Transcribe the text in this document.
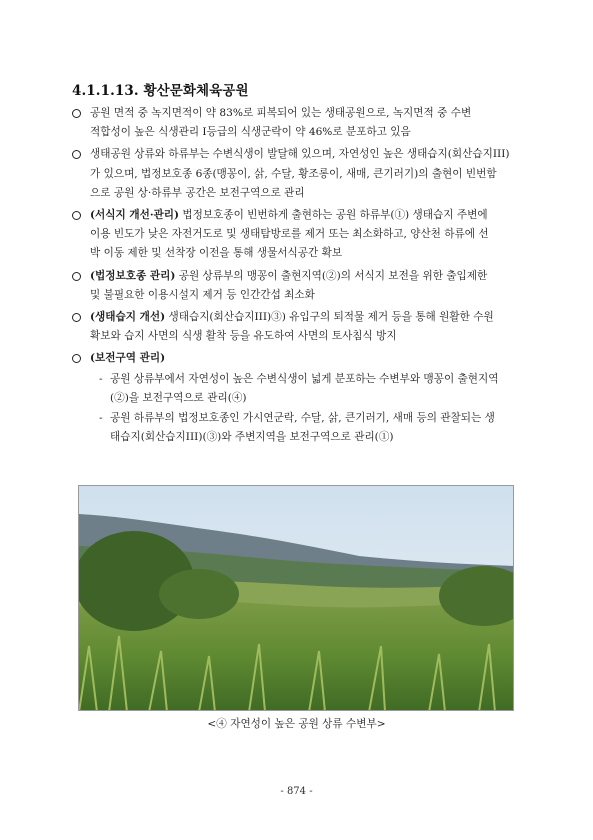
4.1.1.13. 황산문화체육공원
공원 면적 중 녹지면적이 약 83%로 피복되어 있는 생태공원으로, 녹지면적 중 수변
적합성이 높은 식생관리 I등급의 식생군락이 약 46%로 분포하고 있음
생태공원 상류와 하류부는 수변식생이 발달해 있으며, 자연성인 높은 생태습지(회산습지III)
가 있으며, 법정보호종 6종(맹꽁이, 삵, 수달, 황조롱이, 새매, 큰기러기)의 출현이 빈번함
으로 공원 상·하류부 공간은 보전구역으로 관리
(서식지 개선·관리) 법정보호종이 빈번하게 출현하는 공원 하류부(①) 생태습지 주변에
이용 빈도가 낮은 자전거도로 및 생태탐방로를 제거 또는 최소화하고, 양산천 하류에 선
박 이동 제한 및 선착장 이전을 통해 생물서식공간 확보
(법정보호종 관리) 공원 상류부의 맹꽁이 출현지역(②)의 서식지 보전을 위한 출입제한
및 불필요한 이용시설지 제거 등 인간간섭 최소화
(생태습지 개선) 생태습지(회산습지III)③) 유입구의 퇴적물 제거 등을 통해 원활한 수원
확보와 습지 사면의 식생 활착 등을 유도하여 사면의 토사침식 방지
(보전구역 관리)
- 공원 상류부에서 자연성이 높은 수변식생이 넓게 분포하는 수변부와 맹꽁이 출현지역
(②)을 보전구역으로 관리(④)
- 공원 하류부의 법정보호종인 가시연군락, 수달, 삵, 큰기러기, 새매 등의 관찰되는 생
태습지(회산습지III)(③)와 주변지역을 보전구역으로 관리(①)
<④ 자연성이 높은 공원 상류 수변부>
- 874 -
